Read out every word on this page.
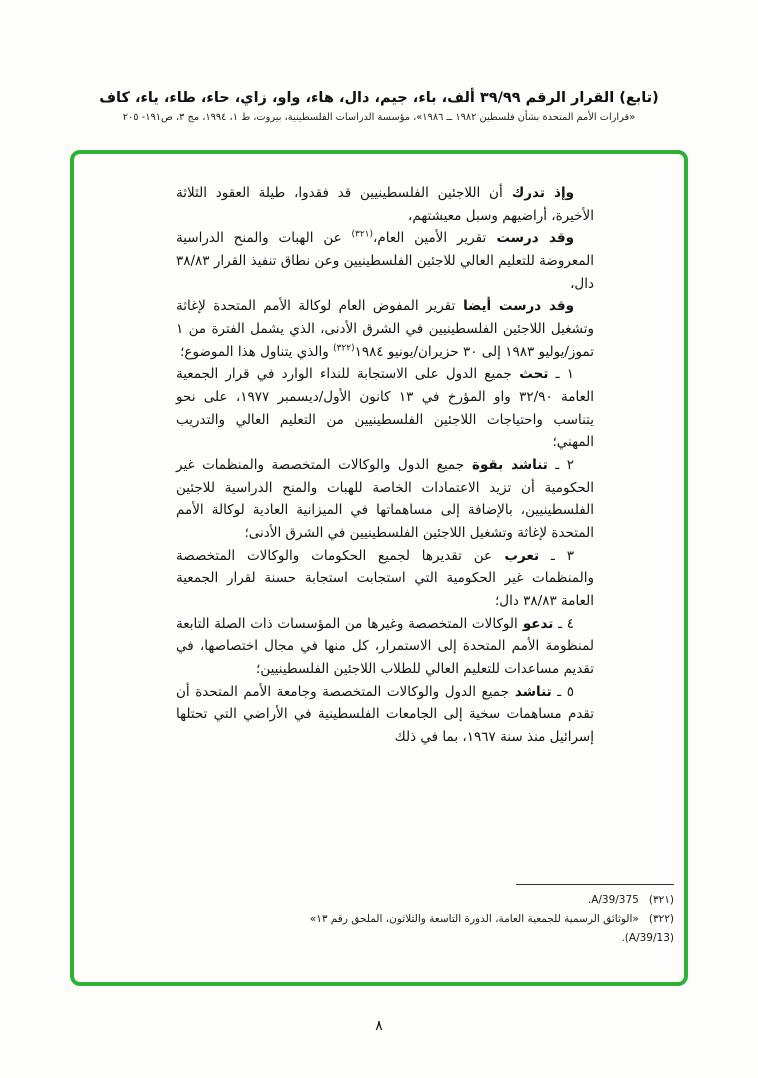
(تابع) القرار الرقم ٣٩/٩٩ ألف، باء، جيم، دال، هاء، واو، زاي، حاء، طاء، ياء، كاف
«قرارات الأمم المتحدة بشأن فلسطين ١٩٨٢ ــ ١٩٨٦»، مؤسسة الدراسات الفلسطينية، بيروت، ط ١، ١٩٩٤، مج ٣، ص١٩١- ٢٠٥

وإذ تدرك أن اللاجئين الفلسطينيين قد فقدوا، طيلة العقود الثلاثة الأخيرة، أراضيهم وسبل معيشتهم،

وقد درست تقرير الأمين العام،$^{(٣٢١)}$ عن الهبات والمنح الدراسية المعروضة للتعليم العالي للاجئين الفلسطينيين وعن نطاق تنفيذ القرار ٣٨/٨٣ دال،

وقد درست أيضا تقرير المفوض العام لوكالة الأمم المتحدة لإغاثة وتشغيل اللاجئين الفلسطينيين في الشرق الأدنى، الذي يشمل الفترة من ١ تموز/يوليو ١٩٨٣ إلى ٣٠ حزيران/يونيو ١٩٨٤$^{(٣٢٢)}$ والذي يتناول هذا الموضوع؛

١ ـ تحث جميع الدول على الاستجابة للنداء الوارد في قرار الجمعية العامة ٣٢/٩٠ واو المؤرخ في ١٣ كانون الأول/ديسمبر ١٩٧٧، على نحو يتناسب واحتياجات اللاجئين الفلسطينيين من التعليم العالي والتدريب المهني؛

٢ ـ تناشد بقوة جميع الدول والوكالات المتخصصة والمنظمات غير الحكومية أن تزيد الاعتمادات الخاصة للهبات والمنح الدراسية للاجئين الفلسطينيين، بالإضافة إلى مساهماتها في الميزانية العادية لوكالة الأمم المتحدة لإغاثة وتشغيل اللاجئين الفلسطينيين في الشرق الأدنى؛

٣ ـ تعرب عن تقديرها لجميع الحكومات والوكالات المتخصصة والمنظمات غير الحكومية التي استجابت استجابة حسنة لقرار الجمعية العامة ٣٨/٨٣ دال؛

٤ ـ تدعو الوكالات المتخصصة وغيرها من المؤسسات ذات الصلة التابعة لمنظومة الأمم المتحدة إلى الاستمرار، كل منها في مجال اختصاصها، في تقديم مساعدات للتعليم العالي للطلاب اللاجئين الفلسطينيين؛

٥ ـ تناشد جميع الدول والوكالات المتخصصة وجامعة الأمم المتحدة أن تقدم مساهمات سخية إلى الجامعات الفلسطينية في الأراضي التي تحتلها إسرائيل منذ سنة ١٩٦٧، بما في ذلك

(٣٢١)A/39/375.
(٣٢٢)«الوثائق الرسمية للجمعية العامة، الدورة التاسعة والثلاثون، الملحق رقم ١٣» (A/39/13).
٨
